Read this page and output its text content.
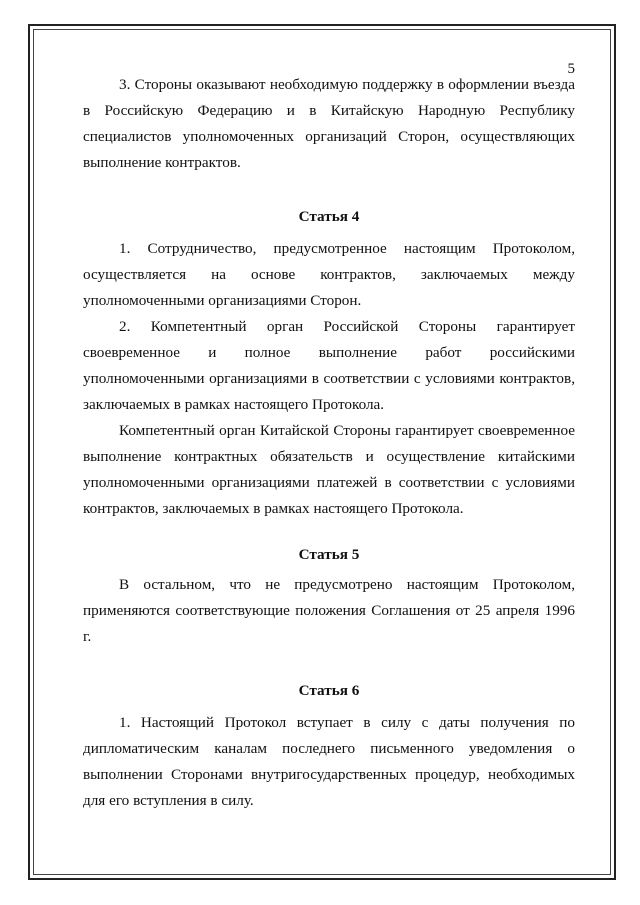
5

3. Стороны оказывают необходимую поддержку в оформлении въезда в Российскую Федерацию и в Китайскую Народную Республику специалистов уполномоченных организаций Сторон, осуществляющих выполнение контрактов.

Статья 4

1. Сотрудничество, предусмотренное настоящим Протоколом, осуществляется на основе контрактов, заключаемых между уполномоченными организациями Сторон.

2. Компетентный орган Российской Стороны гарантирует своевременное и полное выполнение работ российскими уполномоченными организациями в соответствии с условиями контрактов, заключаемых в рамках настоящего Протокола.

Компетентный орган Китайской Стороны гарантирует своевременное выполнение контрактных обязательств и осуществление китайскими уполномоченными организациями платежей в соответствии с условиями контрактов, заключаемых в рамках настоящего Протокола.

Статья 5

В остальном, что не предусмотрено настоящим Протоколом, применяются соответствующие положения Соглашения от 25 апреля 1996 г.

Статья 6

1. Настоящий Протокол вступает в силу с даты получения по дипломатическим каналам последнего письменного уведомления о выполнении Сторонами внутригосударственных процедур, необходимых для его вступления в силу.
